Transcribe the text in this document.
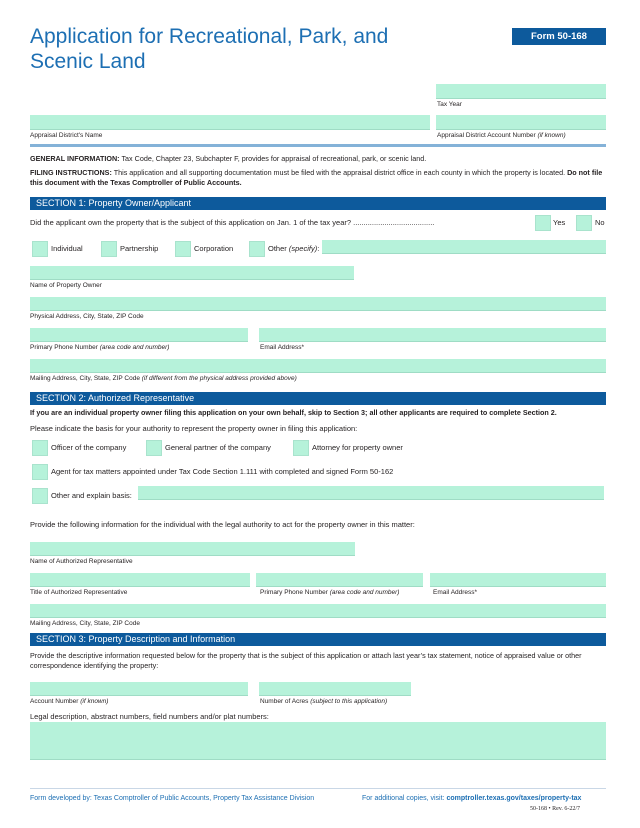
Application for Recreational, Park, and
Scenic Land
Form 50-168
Tax Year
Appraisal District's Name	Appraisal District Account Number (if known)
GENERAL INFORMATION: Tax Code, Chapter 23, Subchapter F, provides for appraisal of recreational, park, or scenic land.
FILING INSTRUCTIONS: This application and all supporting documentation must be filed with the appraisal district office in each county in which the property is located. Do not file this document with the Texas Comptroller of Public Accounts.
SECTION 1: Property Owner/Applicant
Did the applicant own the property that is the subject of this application on Jan. 1 of the tax year? .......................................	Yes	No
Individual	Partnership	Corporation	Other (specify):
Name of Property Owner
Physical Address, City, State, ZIP Code
Primary Phone Number (area code and number)	Email Address*
Mailing Address, City, State, ZIP Code (if different from the physical address provided above)
SECTION 2: Authorized Representative
If you are an individual property owner filing this application on your own behalf, skip to Section 3; all other applicants are required to complete Section 2.
Please indicate the basis for your authority to represent the property owner in filing this application:
Officer of the company	General partner of the company	Attorney for property owner
Agent for tax matters appointed under Tax Code Section 1.111 with completed and signed Form 50-162
Other and explain basis:
Provide the following information for the individual with the legal authority to act for the property owner in this matter:
Name of Authorized Representative
Title of Authorized Representative	Primary Phone Number (area code and number)	Email Address*
Mailing Address, City, State, ZIP Code
SECTION 3: Property Description and Information
Provide the descriptive information requested below for the property that is the subject of this application or attach last year’s tax statement, notice of appraised value or other correspondence identifying the property:
Account Number (if known)	Number of Acres (subject to this application)
Legal description, abstract numbers, field numbers and/or plat numbers:
Form developed by: Texas Comptroller of Public Accounts, Property Tax Assistance Division	For additional copies, visit: comptroller.texas.gov/taxes/property-tax
50-168 • Rev. 6-22/7
